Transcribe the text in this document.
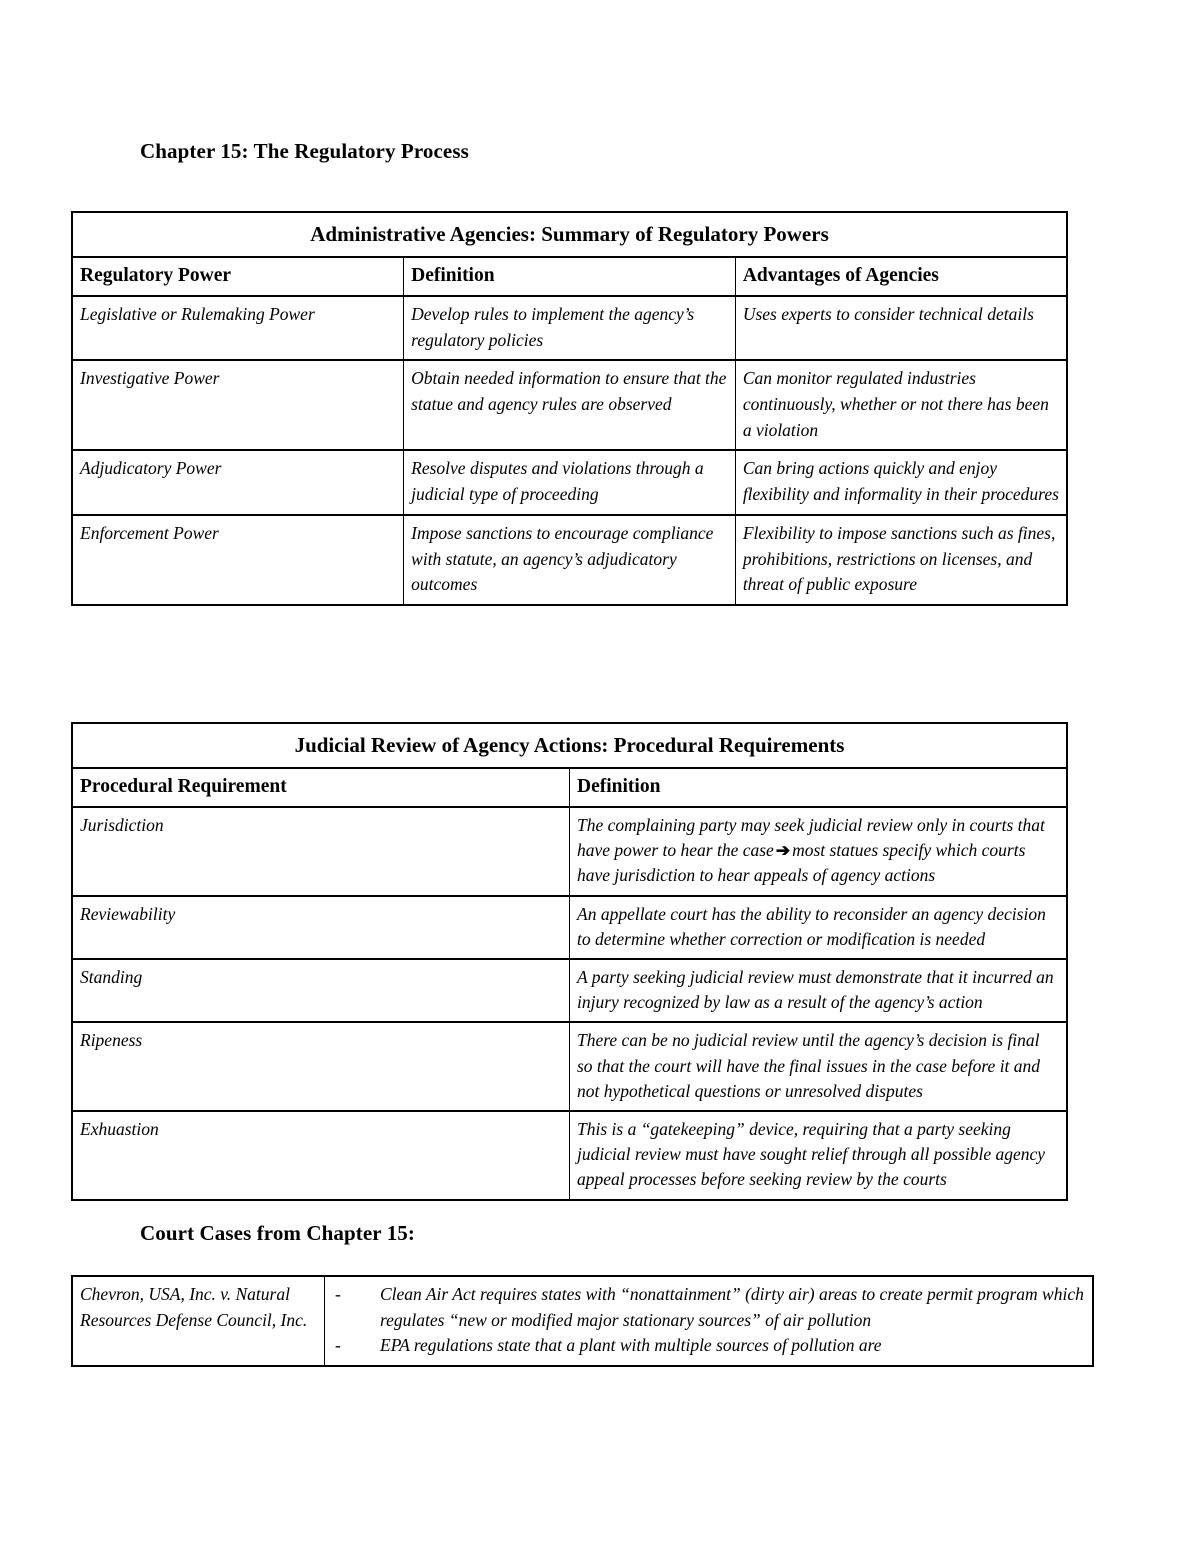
Chapter 15: The Regulatory Process
Administrative Agencies: Summary of Regulatory Powers		
Regulatory Power	Definition	Advantages of Agencies
Legislative or Rulemaking Power	Develop rules to implement the agency’s regulatory policies	Uses experts to consider technical details
Investigative Power	Obtain needed information to ensure that the statue and agency rules are observed	Can monitor regulated industries continuously, whether or not there has been a violation
Adjudicatory Power	Resolve disputes and violations through a judicial type of proceeding	Can bring actions quickly and enjoy flexibility and informality in their procedures
Enforcement Power	Impose sanctions to encourage compliance with statute, an agency’s adjudicatory outcomes	Flexibility to impose sanctions such as fines, prohibitions, restrictions on licenses, and threat of public exposure
Judicial Review of Agency Actions: Procedural Requirements	
Procedural Requirement	Definition
Jurisdiction	The complaining party may seek judicial review only in courts that have power to hear the case ➔ most statues specify which courts have jurisdiction to hear appeals of agency actions
Reviewability	An appellate court has the ability to reconsider an agency decision to determine whether correction or modification is needed
Standing	A party seeking judicial review must demonstrate that it incurred an injury recognized by law as a result of the agency’s action
Ripeness	There can be no judicial review until the agency’s decision is final so that the court will have the final issues in the case before it and not hypothetical questions or unresolved disputes
Exhuastion	This is a “gatekeeping” device, requiring that a party seeking judicial review must have sought relief through all possible agency appeal processes before seeking review by the courts
Court Cases from Chapter 15:
Chevron, USA, Inc. v. Natural Resources Defense Council, Inc.	
-	Clean Air Act requires states with “nonattainment” (dirty air) areas to create permit program which regulates “new or modified major stationary sources” of air pollution
-	EPA regulations state that a plant with multiple sources of pollution are
